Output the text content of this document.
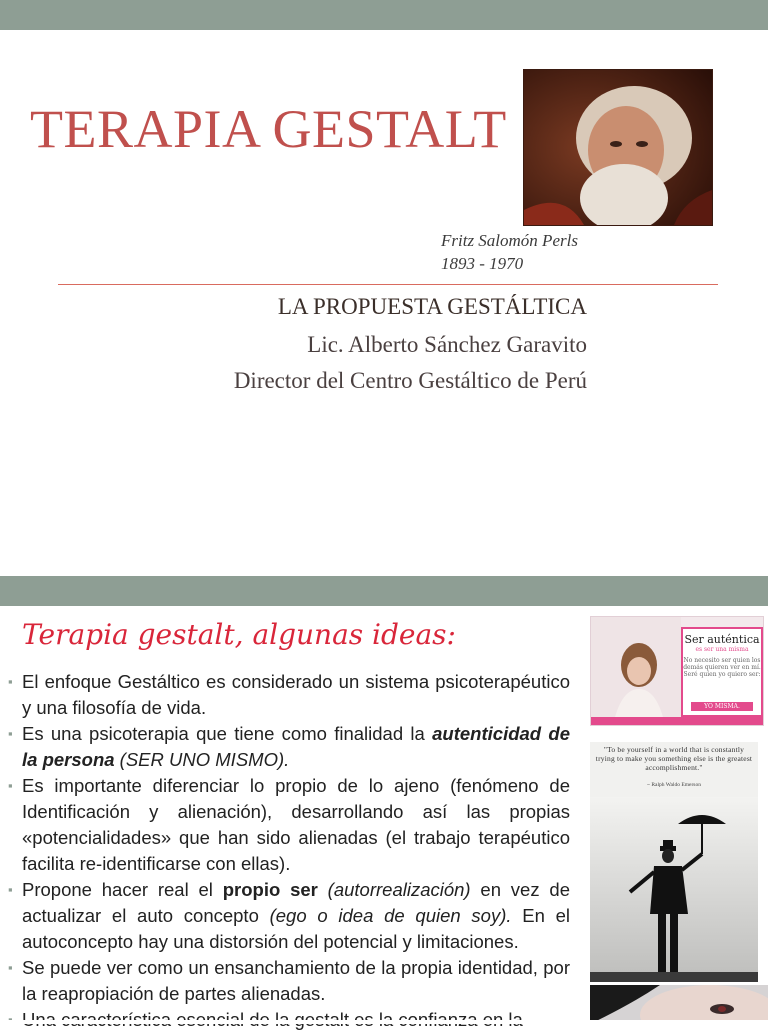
TERAPIA GESTALT
Fritz Salomón Perls
1893 - 1970
LA PROPUESTA GESTÁLTICA
Lic. Alberto Sánchez Garavito
Director del Centro Gestáltico de Perú
Terapia gestalt, algunas ideas:
▪ El enfoque Gestáltico es considerado un sistema psicoterapéutico y una filosofía de vida.
▪ Es una psicoterapia que tiene como finalidad la autenticidad de la persona (SER UNO MISMO).
▪ Es importante diferenciar lo propio de lo ajeno (fenómeno de Identificación y alienación), desarrollando así las propias «potencialidades» que han sido alienadas (el trabajo terapéutico facilita re-identificarse con ellas).
▪ Propone hacer real el propio ser (autorrealización) en vez de actualizar el auto concepto (ego o idea de quien soy). En el autoconcepto hay una distorsión del potencial y limitaciones.
▪ Se puede ver como un ensanchamiento de la propia identidad, por la reapropiación de partes alienadas.
▪
Ser auténtica
es ser una misma
No necesito ser quien los demás quieren ver en mí. Seré quien yo quiero ser:
YO MISMA.
"To be yourself in a world that is constantly trying to make you something else is the greatest accomplishment."
~ Ralph Waldo Emerson
